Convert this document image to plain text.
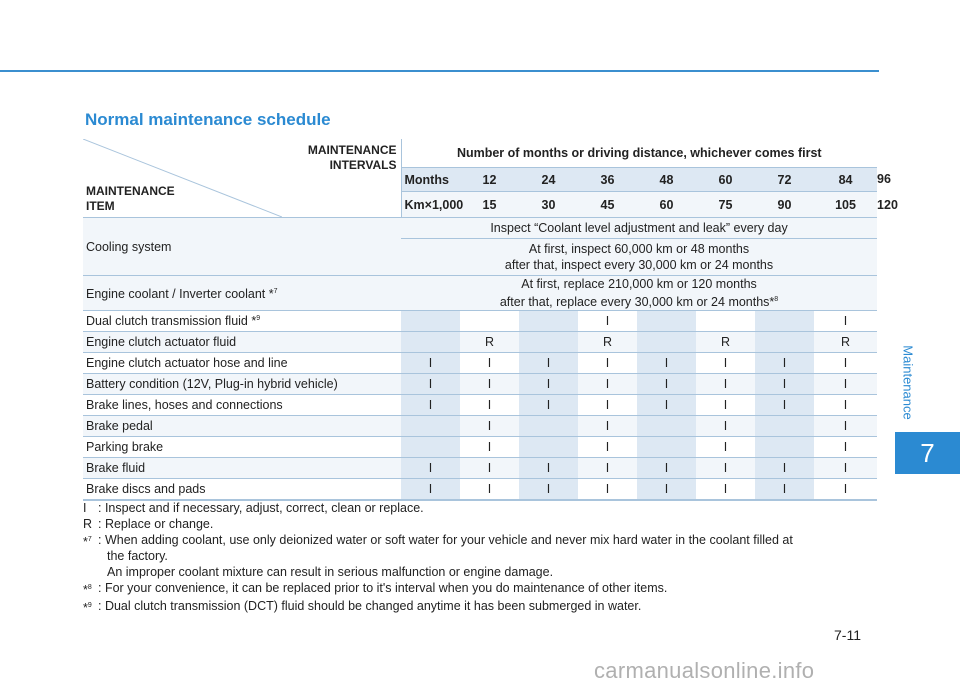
Maintenance
7
Normal maintenance schedule
MAINTENANCE
INTERVALS
MAINTENANCE
ITEM	Number of months or driving distance, whichever comes first								
	Months	12	24	36	48	60	72	84	96
	Km×1,000	15	30	45	60	75	90	105	120
Cooling system	Inspect “Coolant level adjustment and leak” every day								

	At first, inspect 60,000 km or 48 months
after that, inspect every 30,000 km or 24 months								

Engine coolant / Inverter coolant *$^7$	At first, replace 210,000 km or 120 months
after that, replace every 30,000 km or 24 months*$^8$

Dual clutch transmission fluid *$^9$				I				I	
Engine clutch actuator fluid		R		R		R		R	
Engine clutch actuator hose and line	I	I	I	I	I	I	I	I	
Battery condition (12V, Plug-in hybrid vehicle)	I	I	I	I	I	I	I	I	
Brake lines, hoses and connections	I	I	I	I	I	I	I	I	
Brake pedal		I		I		I		I	
Parking brake		I		I		I		I	
Brake fluid	I	I	I	I	I	I	I	I	
Brake discs and pads	I	I	I	I	I	I	I	I	
I : Inspect and if necessary, adjust, correct, clean or replace.
R : Replace or change.
*$^7$ : When adding coolant, use only deionized water or soft water for your vehicle and never mix hard water in the coolant filled at
the factory.
An improper coolant mixture can result in serious malfunction or engine damage.
*$^8$ : For your convenience, it can be replaced prior to it's interval when you do maintenance of other items.
*$^9$ : Dual clutch transmission (DCT) fluid should be changed anytime it has been submerged in water.
7-11
carmanualsonline.info
